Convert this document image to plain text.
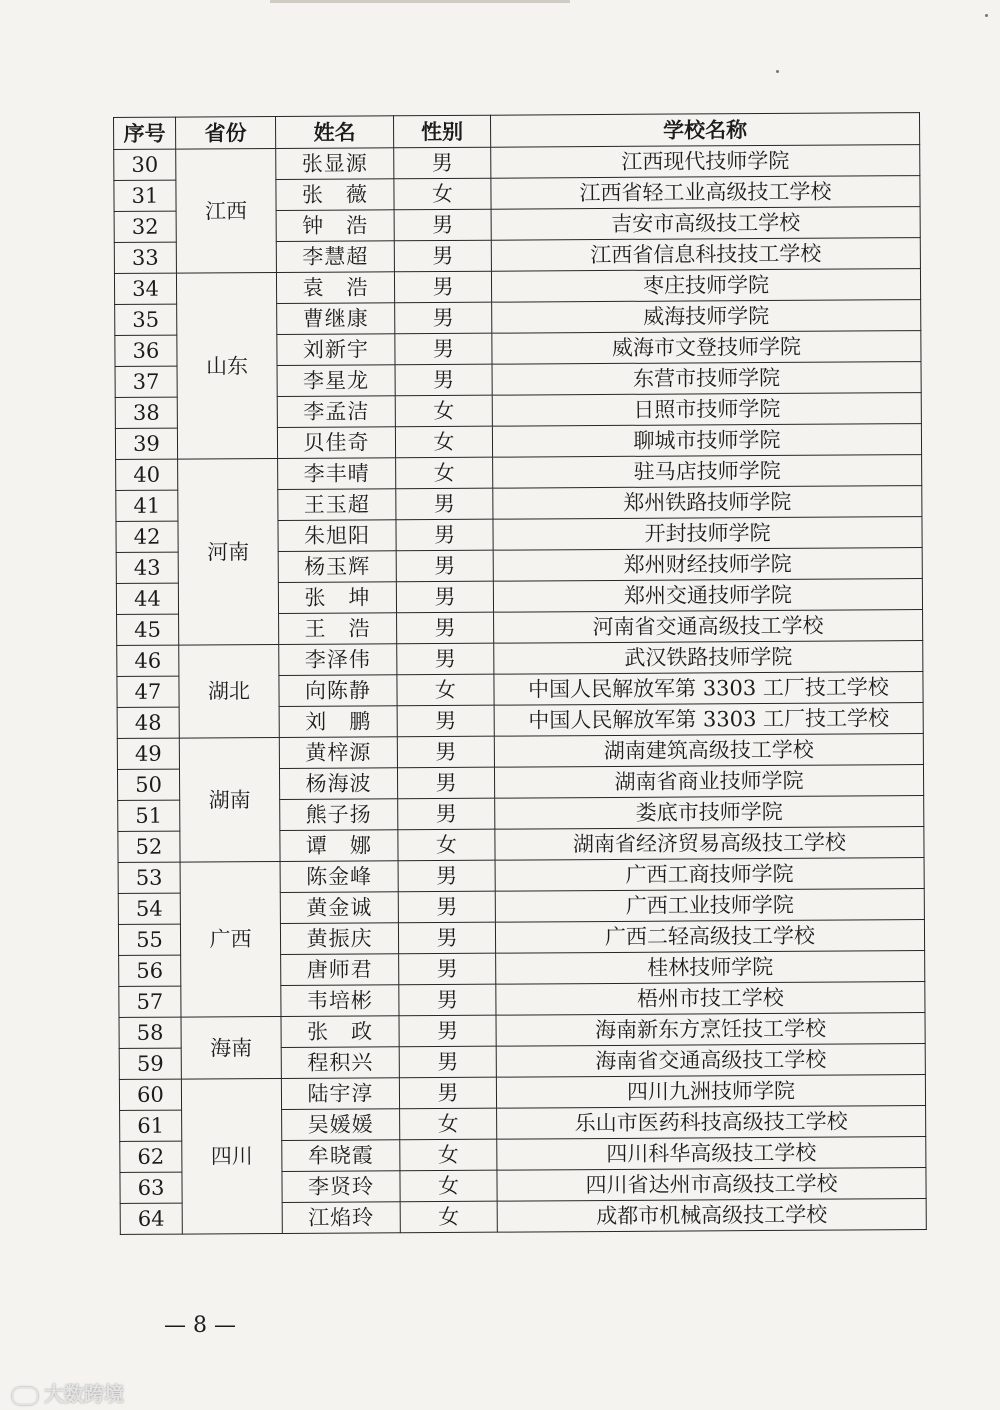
序号	省份	姓名	性别	学校名称
30	江西	张显源	男	江西现代技师学院
31		张　薇	女	江西省轻工业高级技工学校
32		钟　浩	男	吉安市高级技工学校
33		李慧超	男	江西省信息科技技工学校
34	山东	袁　浩	男	枣庄技师学院
35		曹继康	男	威海技师学院
36		刘新宇	男	威海市文登技师学院
37		李星龙	男	东营市技师学院
38		李孟洁	女	日照市技师学院
39		贝佳奇	女	聊城市技师学院
40	河南	李丰晴	女	驻马店技师学院
41		王玉超	男	郑州铁路技师学院
42		朱旭阳	男	开封技师学院
43		杨玉辉	男	郑州财经技师学院
44		张　坤	男	郑州交通技师学院
45		王　浩	男	河南省交通高级技工学校
46	湖北	李泽伟	男	武汉铁路技师学院
47		向陈静	女	中国人民解放军第 3303 工厂技工学校
48		刘　鹏	男	中国人民解放军第 3303 工厂技工学校
49	湖南	黄梓源	男	湖南建筑高级技工学校
50		杨海波	男	湖南省商业技师学院
51		熊子扬	男	娄底市技师学院
52		谭　娜	女	湖南省经济贸易高级技工学校
53	广西	陈金峰	男	广西工商技师学院
54		黄金诚	男	广西工业技师学院
55		黄振庆	男	广西二轻高级技工学校
56		唐师君	男	桂林技师学院
57		韦培彬	男	梧州市技工学校
58	海南	张　政	男	海南新东方烹饪技工学校
59		程积兴	男	海南省交通高级技工学校
60	四川	陆宇淳	男	四川九洲技师学院
61		吴媛媛	女	乐山市医药科技高级技工学校
62		牟晓霞	女	四川科华高级技工学校
63		李贤玲	女	四川省达州市高级技工学校
64		江焰玲	女	成都市机械高级技工学校
— 8 —
大数跨境
